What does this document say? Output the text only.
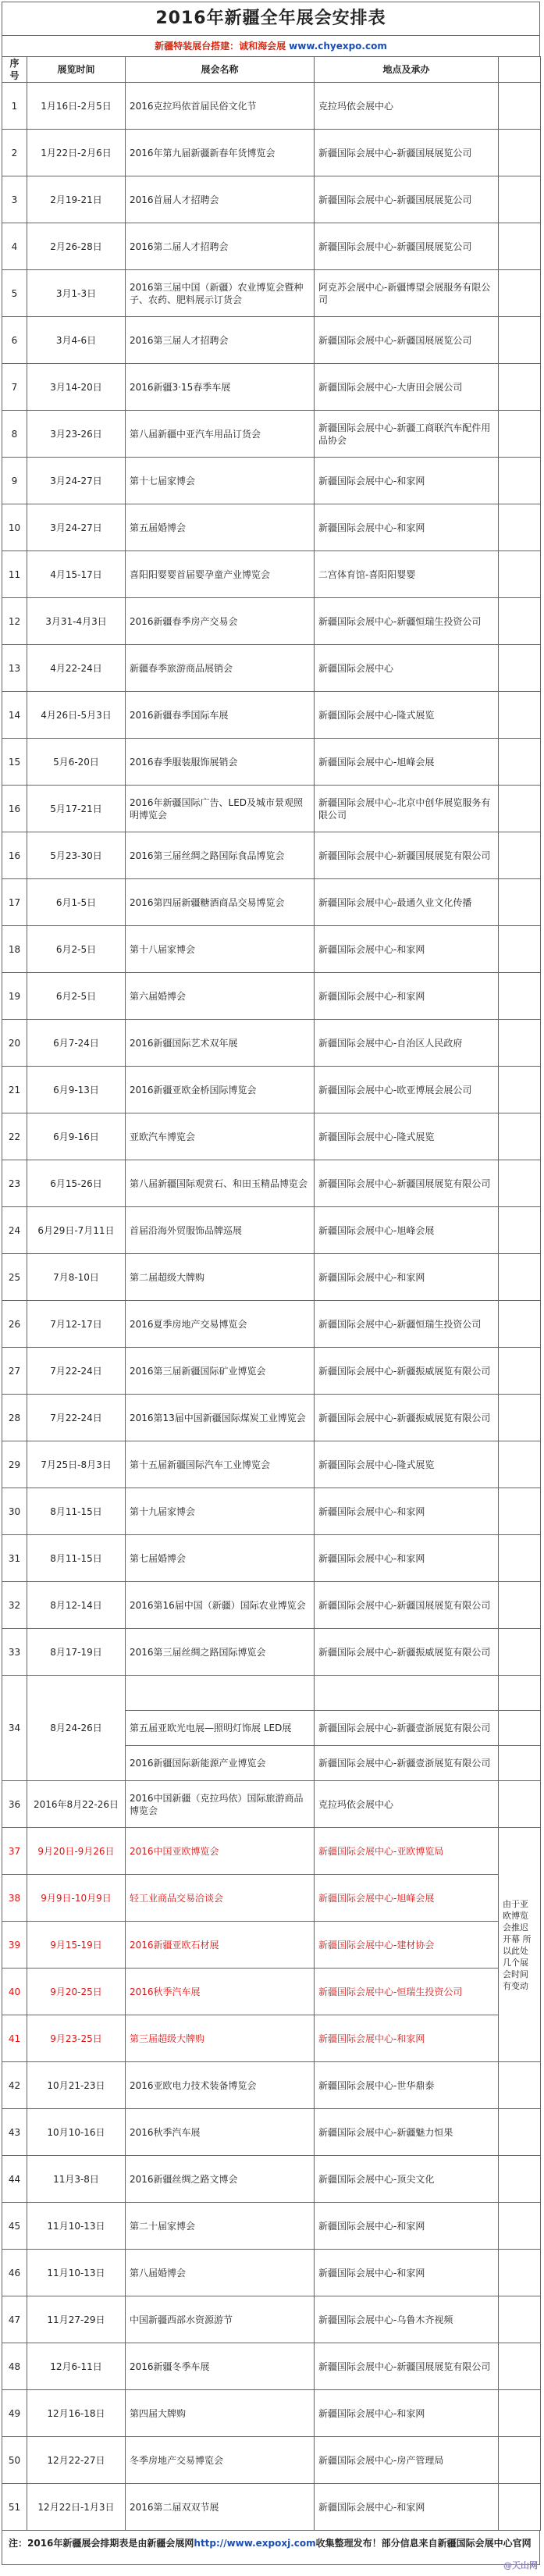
2016年新疆全年展会安排表
新疆特装展台搭建：诚和海会展 www.chyexpo.com
序号	展览时间	展会名称	地点及承办	
1	1月16日-2月5日	2016克拉玛依首届民俗文化节	克拉玛依会展中心	
2	1月22日-2月6日	2016年第九届新疆新春年货博览会	新疆国际会展中心-新疆国展展览公司	
3	2月19-21日	2016首届人才招聘会	新疆国际会展中心-新疆国展展览公司	
4	2月26-28日	2016第二届人才招聘会	新疆国际会展中心-新疆国展展览公司	
5	3月1-3日	2016第三届中国（新疆）农业博览会暨种子、农药、肥料展示订货会	阿克苏会展中心-新疆博望会展服务有限公司	
6	3月4-6日	2016第三届人才招聘会	新疆国际会展中心-新疆国展展览公司	
7	3月14-20日	2016新疆3·15春季车展	新疆国际会展中心-大唐田会展公司	
8	3月23-26日	第八届新疆中亚汽车用品订货会	新疆国际会展中心-新疆工商联汽车配件用品协会	
9	3月24-27日	第十七届家博会	新疆国际会展中心-和家网	
10	3月24-27日	第五届婚博会	新疆国际会展中心-和家网	
11	4月15-17日	喜阳阳婴婴首届婴孕童产业博览会	二宫体育馆-喜阳阳婴婴	
12	3月31-4月3日	2016新疆春季房产交易会	新疆国际会展中心-新疆恒瑞生投资公司	
13	4月22-24日	新疆春季旅游商品展销会	新疆国际会展中心	
14	4月26日-5月3日	2016新疆春季国际车展	新疆国际会展中心-隆式展览	
15	5月6-20日	2016春季服装服饰展销会	新疆国际会展中心-旭峰会展	
16	5月17-21日	2016年新疆国际广告、LED及城市景观照明博览会	新疆国际会展中心-北京中创华展览服务有限公司	
16	5月23-30日	2016第三届丝绸之路国际食品博览会	新疆国际会展中心-新疆国展展览有限公司	
17	6月1-5日	2016第四届新疆糖酒商品交易博览会	新疆国际会展中心-最通久业文化传播	
18	6月2-5日	第十八届家博会	新疆国际会展中心-和家网	
19	6月2-5日	第六届婚博会	新疆国际会展中心-和家网	
20	6月7-24日	2016新疆国际艺术双年展	新疆国际会展中心-自治区人民政府	
21	6月9-13日	2016新疆亚欧金桥国际博览会	新疆国际会展中心-欧亚博展会展公司	
22	6月9-16日	亚欧汽车博览会	新疆国际会展中心-隆式展览	
23	6月15-26日	第八届新疆国际观赏石、和田玉精品博览会	新疆国际会展中心-新疆国展展览有限公司	
24	6月29日-7月11日	首届沿海外贸服饰品牌巡展	新疆国际会展中心-旭峰会展	
25	7月8-10日	第二届超级大牌购	新疆国际会展中心-和家网	
26	7月12-17日	2016夏季房地产交易博览会	新疆国际会展中心-新疆恒瑞生投资公司	
27	7月22-24日	2016第三届新疆国际矿业博览会	新疆国际会展中心-新疆振威展览有限公司	
28	7月22-24日	2016第13届中国新疆国际煤炭工业博览会	新疆国际会展中心-新疆振威展览有限公司	
29	7月25日-8月3日	第十五届新疆国际汽车工业博览会	新疆国际会展中心-隆式展览	
30	8月11-15日	第十九届家博会	新疆国际会展中心-和家网	
31	8月11-15日	第七届婚博会	新疆国际会展中心-和家网	
32	8月12-14日	2016第16届中国（新疆）国际农业博览会	新疆国际会展中心-新疆国展展览有限公司	
33	8月17-19日	2016第三届丝绸之路国际博览会	新疆国际会展中心-新疆振威展览有限公司	
34	8月24-26日			
		第五届亚欧光电展—照明灯饰展 LED展	新疆国际会展中心-新疆壹浙展览有限公司	
		2016新疆国际新能源产业博览会	新疆国际会展中心-新疆壹浙展览有限公司	
36	2016年8月22-26日	2016中国新疆（克拉玛依）国际旅游商品博览会	克拉玛依会展中心	
37	9月20日-9月26日	2016中国亚欧博览会	新疆国际会展中心-亚欧博览局	由于亚欧博览会推迟开幕 所以此处几个展会时间有变动
38	9月9日-10月9日	轻工业商品交易洽谈会	新疆国际会展中心-旭峰会展	
39	9月15-19日	2016新疆亚欧石材展	新疆国际会展中心-建材协会	
40	9月20-25日	2016秋季汽车展	新疆国际会展中心-恒瑞生投资公司	
41	9月23-25日	第三届超级大牌购	新疆国际会展中心-和家网	
42	10月21-23日	2016亚欧电力技术装备博览会	新疆国际会展中心-世华鼎泰	
43	10月10-16日	2016秋季汽车展	新疆国际会展中心-新疆魅力恒果	
44	11月3-8日	2016新疆丝绸之路文博会	新疆国际会展中心-顶尖文化	
45	11月10-13日	第二十届家博会	新疆国际会展中心-和家网	
46	11月10-13日	第八届婚博会	新疆国际会展中心-和家网	
47	11月27-29日	中国新疆西部水资源游节	新疆国际会展中心-乌鲁木齐视频	
48	12月6-11日	2016新疆冬季车展	新疆国际会展中心-新疆国展展览有限公司	
49	12月16-18日	第四届大牌购	新疆国际会展中心-和家网	
50	12月22-27日	冬季房地产交易博览会	新疆国际会展中心-房产管理局	
51	12月22日-1月3日	2016第二届双双节展	新疆国际会展中心-和家网	
注：2016年新疆展会排期表是由新疆会展网http://www.expoxj.com收集整理发布！部分信息来自新疆国际会展中心官网
@天山网
